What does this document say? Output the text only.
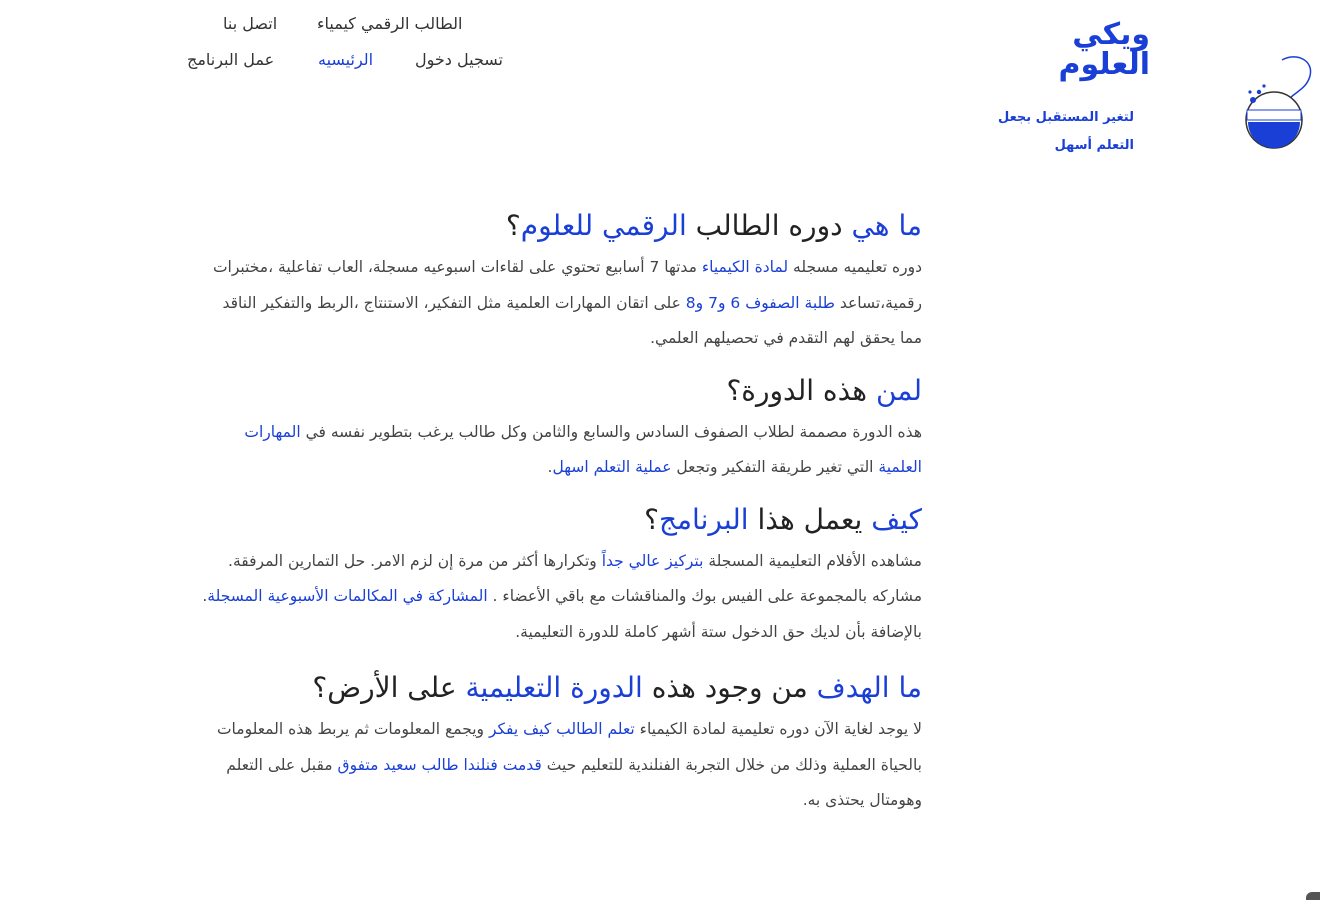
ويكي
العلوم
لتغير المستقبل بجعل التعلم أسهل
الطالب الرقمي كيمياء
اتصل بنا
تسجيل دخول
الرئيسيه
عمل البرنامج
ما هي دوره الطالب الرقمي للعلوم؟

دوره تعليميه مسجله لمادة الكيمياء مدتها 7 أسابيع تحتوي على لقاءات اسبوعيه مسجلة، العاب تفاعلية ،مختبرات رقمية،تساعد طلبة الصفوف 6 و7 و8 على اتقان المهارات العلمية مثل التفكير، الاستنتاج ،الربط والتفكير الناقد مما يحقق لهم التقدم في تحصيلهم العلمي.

لمن هذه الدورة؟

هذه الدورة مصممة لطلاب الصفوف السادس والسابع والثامن وكل طالب يرغب بتطوير نفسه في المهارات العلمية التي تغير طريقة التفكير وتجعل عملية التعلم اسهل.

كيف يعمل هذا البرنامج؟

مشاهده الأفلام التعليمية المسجلة بتركيز عالي جداً وتكرارها أكثر من مرة إن لزم الامر. حل التمارين المرفقة. مشاركه بالمجموعة على الفيس بوك والمناقشات مع باقي الأعضاء . المشاركة في المكالمات الأسبوعية المسجلة. بالإضافة بأن لديك حق الدخول ستة أشهر كاملة للدورة التعليمية.

ما الهدف من وجود هذه الدورة التعليمية على الأرض؟

لا يوجد لغاية الآن دوره تعليمية لمادة الكيمياء تعلم الطالب كيف يفكر ويجمع المعلومات ثم يربط هذه المعلومات بالحياة العملية وذلك من خلال التجربة الفنلندية للتعليم حيث قدمت فنلندا طالب سعيد متفوق مقبل على التعلم وهومتال يحتذى به.
